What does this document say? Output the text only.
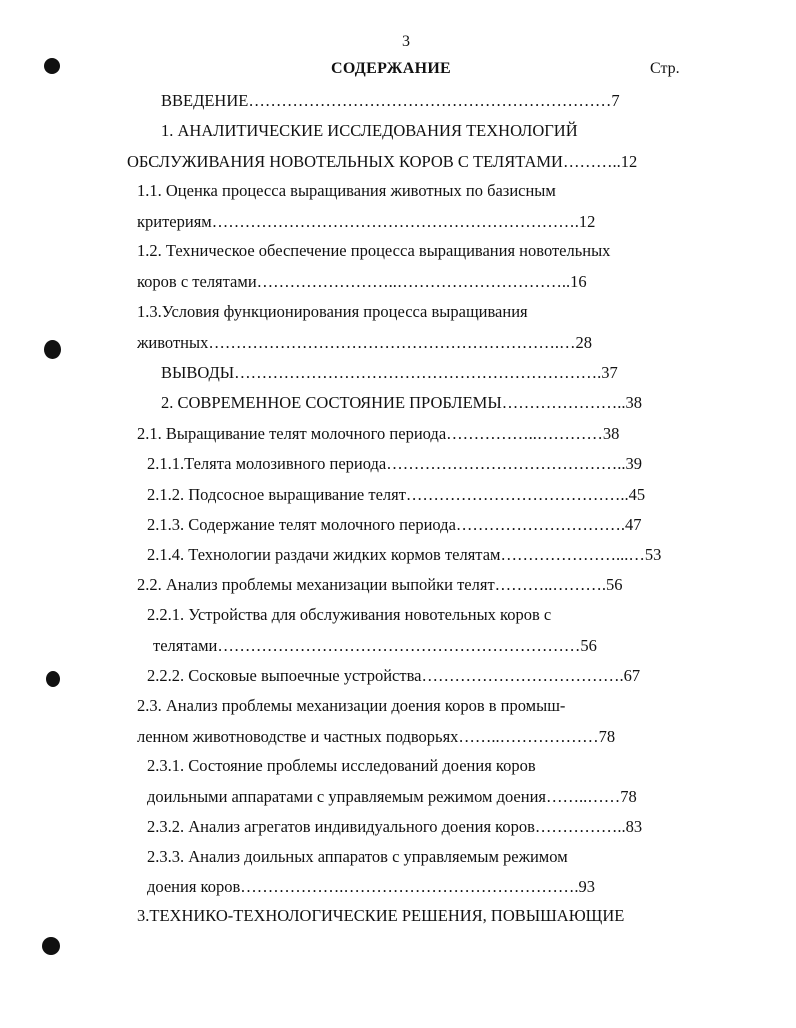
3
СОДЕРЖАНИЕ	Стр.
ВВЕДЕНИЕ…………………………………………………………7
1. АНАЛИТИЧЕСКИЕ ИССЛЕДОВАНИЯ ТЕХНОЛОГИЙ
ОБСЛУЖИВАНИЯ НОВОТЕЛЬНЫХ КОРОВ С ТЕЛЯТАМИ………..12
1.1. Оценка процесса выращивания животных по базисным
критериям………………………………………………………….12
1.2. Техническое обеспечение процесса выращивания новотельных
коров с телятами……………………..…………………………..16
1.3.Условия функционирования процесса выращивания
животных……………………………………………………….…28
ВЫВОДЫ………………………………………………………….37
2. СОВРЕМЕННОЕ СОСТОЯНИЕ ПРОБЛЕМЫ…………………..38
2.1. Выращивание телят молочного периода……………..…………38
2.1.1.Телята молозивного периода……………………………………..39
2.1.2. Подсосное выращивание телят…………………………………..45
2.1.3. Содержание телят молочного периода………………………….47
2.1.4. Технологии раздачи жидких кормов телятам…………………...…53
2.2. Анализ проблемы механизации выпойки телят………..……….56
2.2.1. Устройства для обслуживания новотельных коров с
телятами…………………………………………………………56
2.2.2. Сосковые выпоечные устройства……………………………….67
2.3. Анализ проблемы механизации доения коров в промыш-
ленном животноводстве и частных подворьях……..………………78
2.3.1. Состояние проблемы исследований доения коров
доильными аппаратами с управляемым режимом доения……..……78
2.3.2. Анализ агрегатов индивидуального доения коров……………..83
2.3.3. Анализ доильных аппаратов с управляемым режимом
доения коров……………….…………………………………….93
3.ТЕХНИКО-ТЕХНОЛОГИЧЕСКИЕ РЕШЕНИЯ, ПОВЫШАЮЩИЕ
